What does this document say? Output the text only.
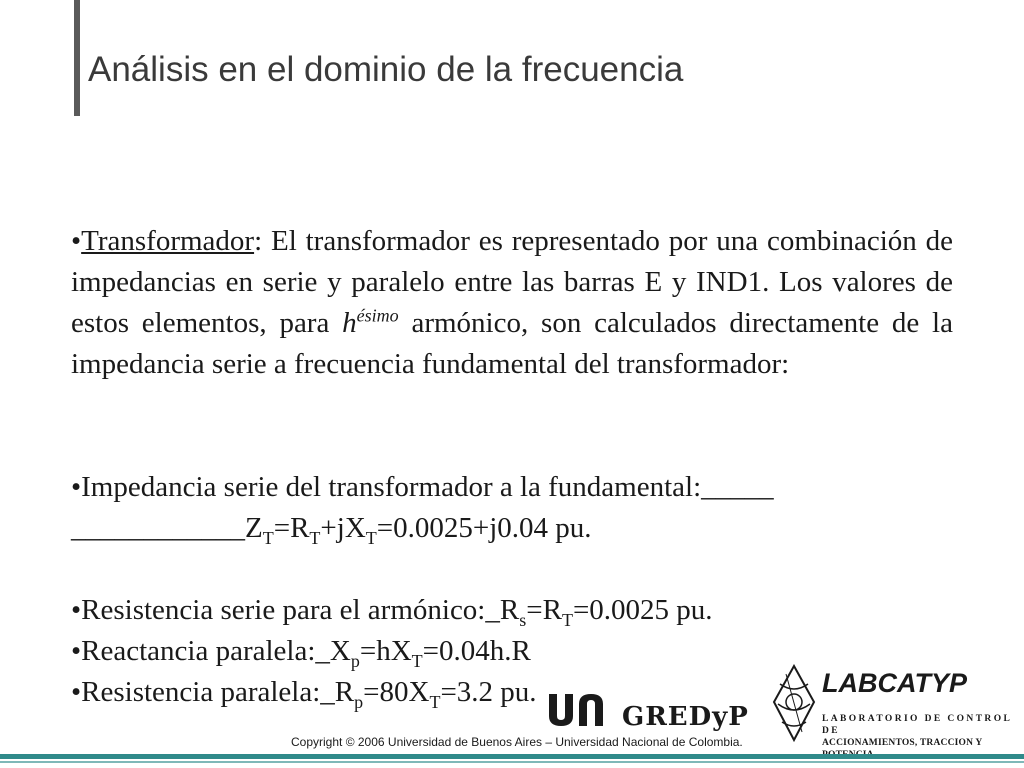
Análisis en el dominio de la frecuencia
•Transformador: El transformador es representado por una combinación de impedancias en serie y paralelo entre las barras E y IND1. Los valores de estos elementos, para $h^{ésimo}$ armónico, son calculados directamente de la impedancia serie a frecuencia fundamental del transformador:
•Impedancia serie del transformador a la fundamental:_____
$\_\_\_\_\_\_\_\_\_\_\_\_Z_T=R_T+jX_T=0.0025+j0.04$ pu.
•Resistencia serie para el $armónico:\_R_s=R_T=0.0025$ pu.
•Reactancia $paralela:\_X_p=hX_T=0.04h.R$
•Resistencia $paralela:\_R_p=80X_T=3.2$ pu.
GREDyP
Copyright © 2006 Universidad de Buenos Aires – Universidad Nacional de Colombia.
LABCATYP
LABORATORIO DE CONTROL DE
ACCIONAMIENTOS, TRACCION Y
